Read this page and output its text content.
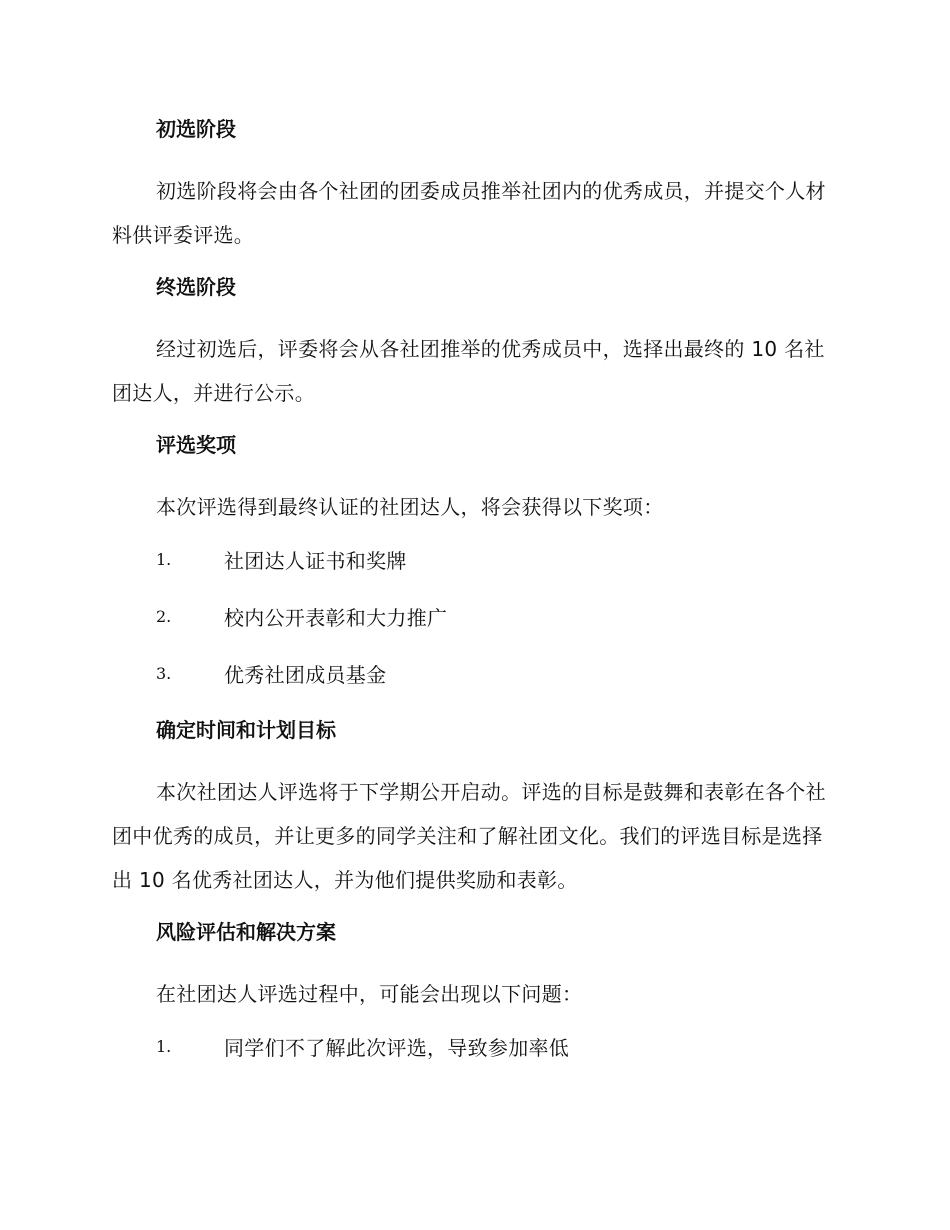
初选阶段

初选阶段将会由各个社团的团委成员推举社团内的优秀成员，并提交个人材料供评委评选。

终选阶段

经过初选后，评委将会从各社团推举的优秀成员中，选择出最终的 10 名社团达人，并进行公示。

评选奖项

本次评选得到最终认证的社团达人，将会获得以下奖项：

1.	社团达人证书和奖牌
2.	校内公开表彰和大力推广
3.	优秀社团成员基金
确定时间和计划目标

本次社团达人评选将于下学期公开启动。评选的目标是鼓舞和表彰在各个社团中优秀的成员，并让更多的同学关注和了解社团文化。我们的评选目标是选择出 10 名优秀社团达人，并为他们提供奖励和表彰。

风险评估和解决方案

在社团达人评选过程中，可能会出现以下问题：

1.	同学们不了解此次评选，导致参加率低
